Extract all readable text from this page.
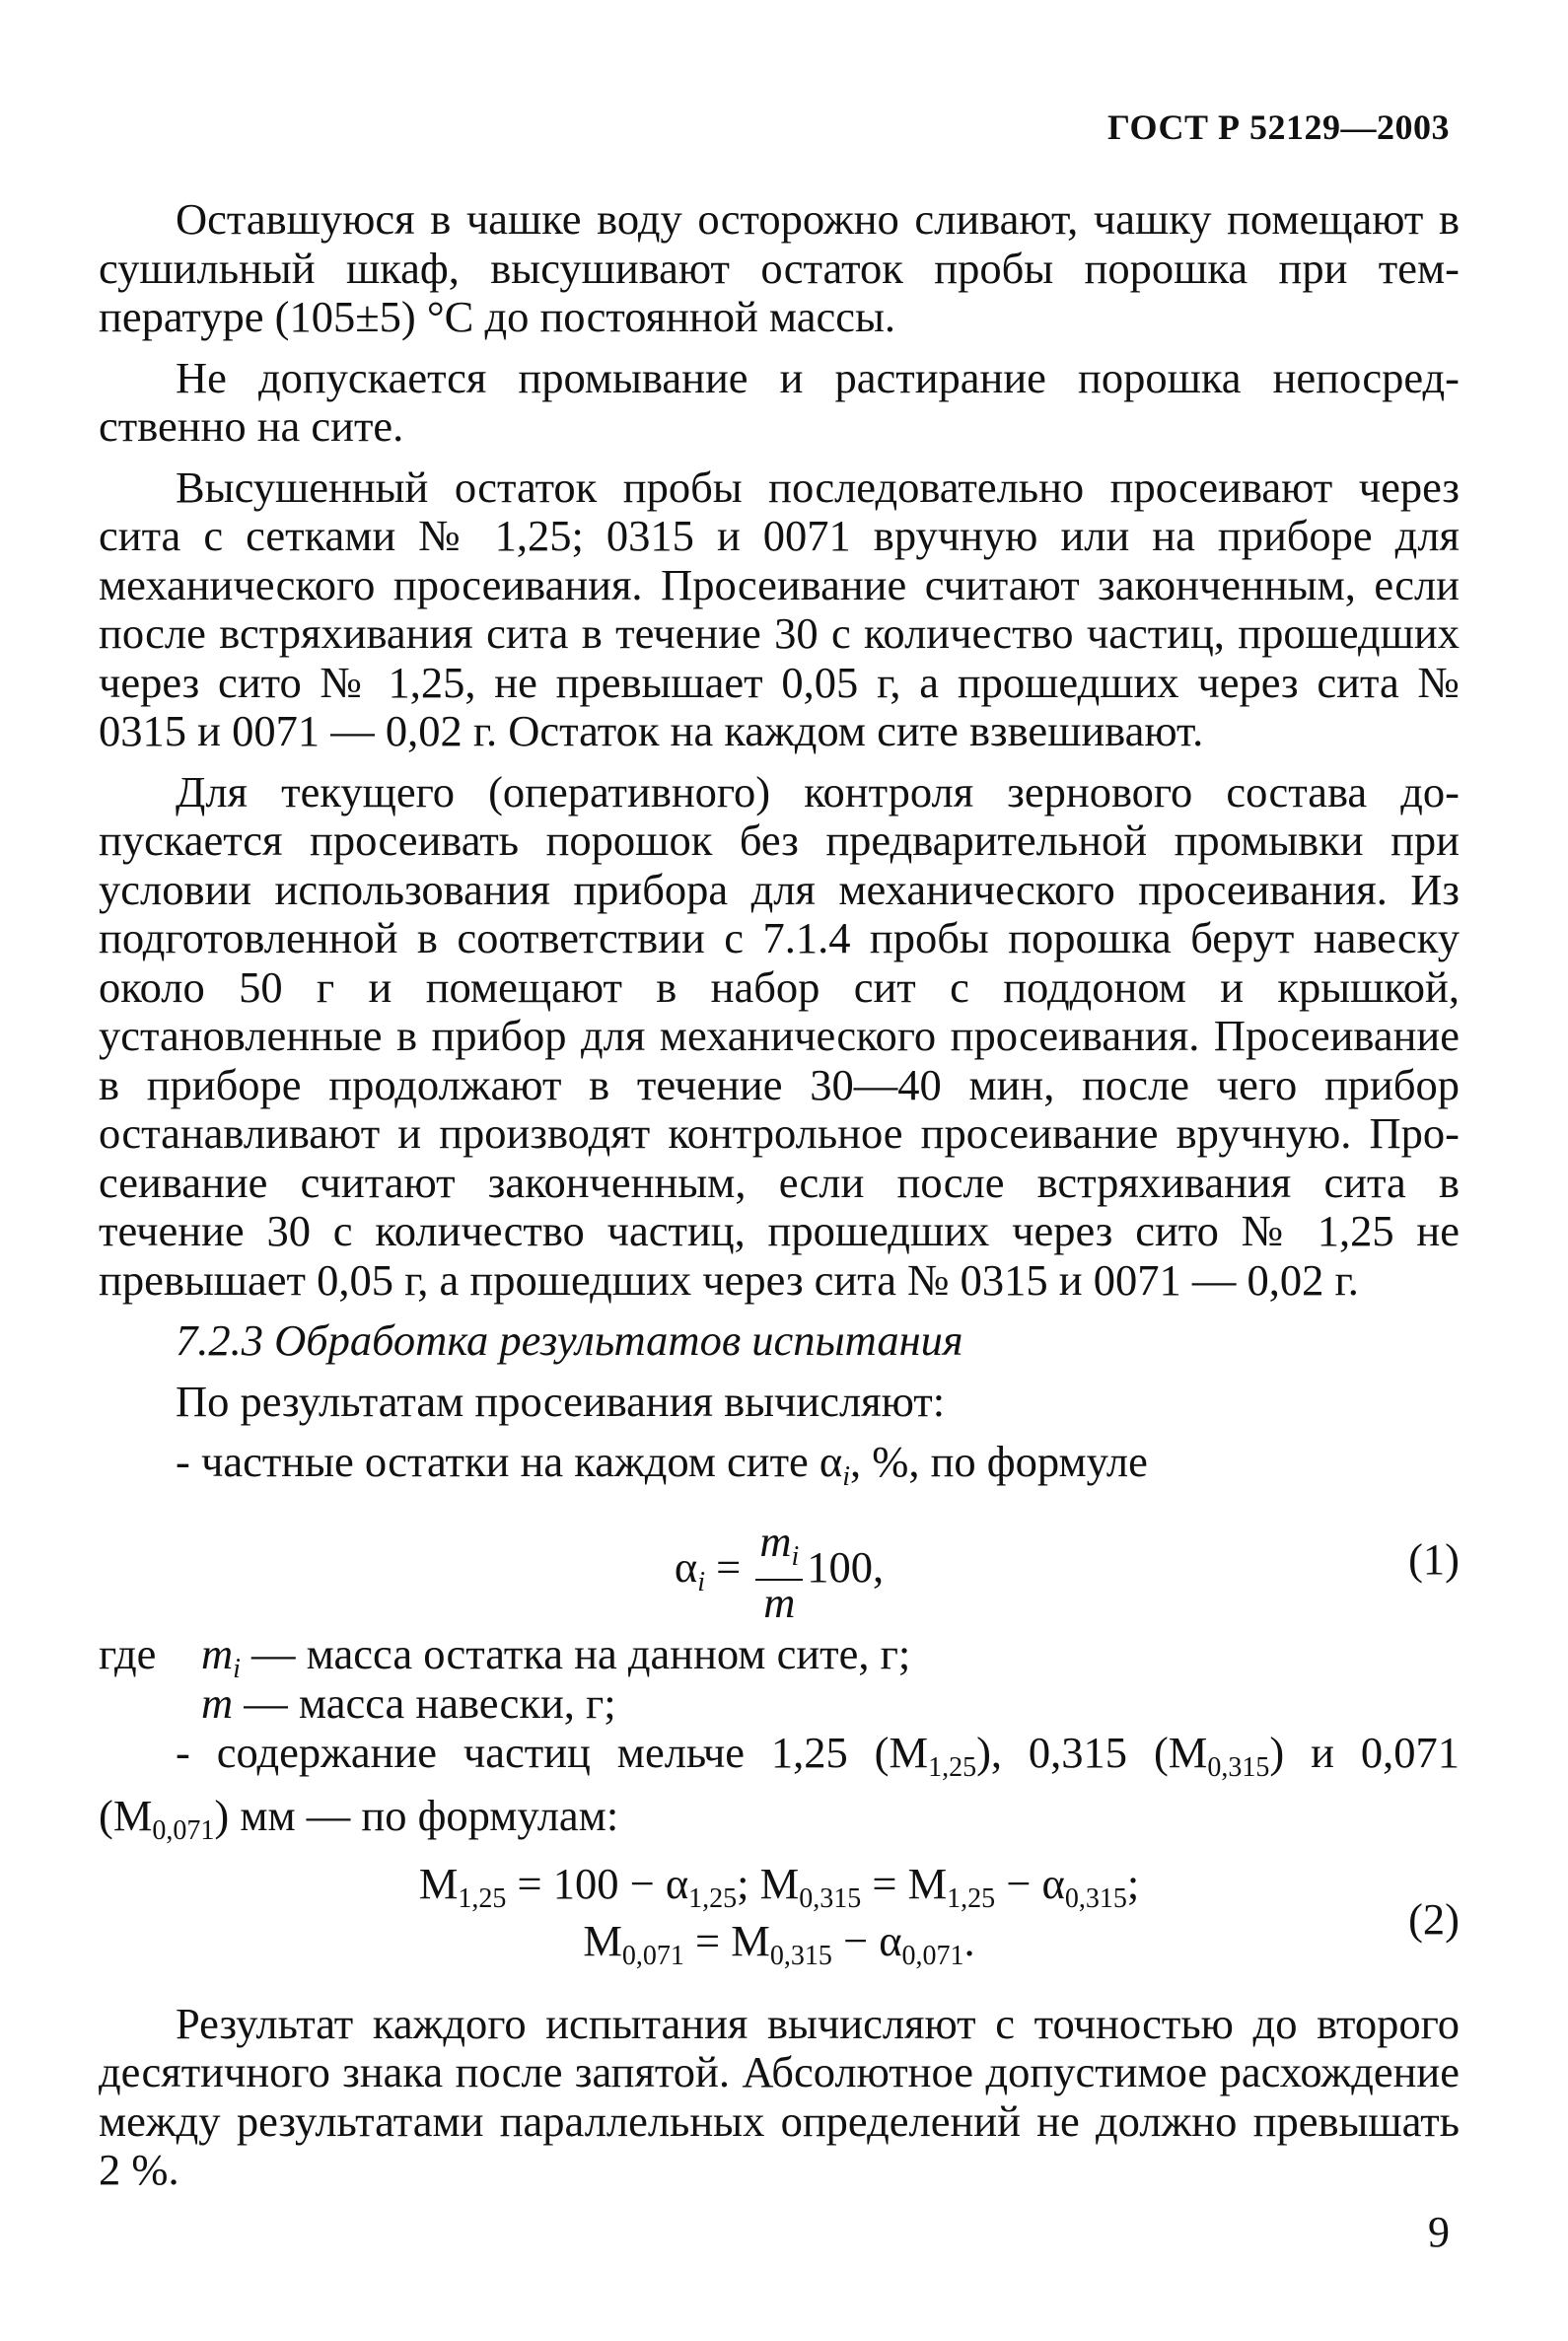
ГОСТ Р 52129—2003

Оставшуюся в чашке воду осторожно сливают, чашку помещают в сушильный шкаф, высушивают остаток пробы порошка при температуре (105±5) °С до постоянной массы.

Не допускается промывание и растирание порошка непосредственно на сите.

Высушенный остаток пробы последовательно просеивают через сита с сетками № 1,25; 0315 и 0071 вручную или на приборе для механического просеивания. Просеивание считают законченным, если после встряхивания сита в течение 30 с количество частиц, прошедших через сито № 1,25, не превышает 0,05 г, а прошедших через сита № 0315 и 0071 — 0,02 г. Остаток на каждом сите взвешивают.

Для текущего (оперативного) контроля зернового состава допускается просеивать порошок без предварительной промывки при условии использования прибора для механического просеивания. Из подготовленной в соответствии с 7.1.4 пробы порошка берут навеску около 50 г и помещают в набор сит с поддоном и крышкой, установленные в прибор для механического просеивания. Просеивание в приборе продолжают в течение 30—40 мин, после чего прибор останавливают и производят контрольное просеивание вручную. Просеивание считают законченным, если после встряхивания сита в течение 30 с количество частиц, прошедших через сито № 1,25 не превышает 0,05 г, а прошедших через сита № 0315 и 0071 — 0,02 г.

7.2.3 Обработка результатов испытания

По результатам просеивания вычисляют:

- частные остатки на каждом сите $\alpha_i$, %, по формуле

$\alpha_i = \frac{m_i}{m} 100$,	(1)
где $m_i$ — масса остатка на данном сите, г;
m — масса навески, г;

- содержание частиц мельче 1,25 $(M_{1,25})$, 0,315 $(M_{0,315})$ и 0,071 $(M_{0,071})$ мм — по формулам:

$M_{1,25} = 100 - \alpha_{1,25}$; $M_{0,315} = M_{1,25} - \alpha_{0,315}$;
$M_{0,071} = M_{0,315} - \alpha_{0,071}$.	(2)

Результат каждого испытания вычисляют с точностью до второго десятичного знака после запятой. Абсолютное допустимое расхождение между результатами параллельных определений не должно превышать 2 %.

9
